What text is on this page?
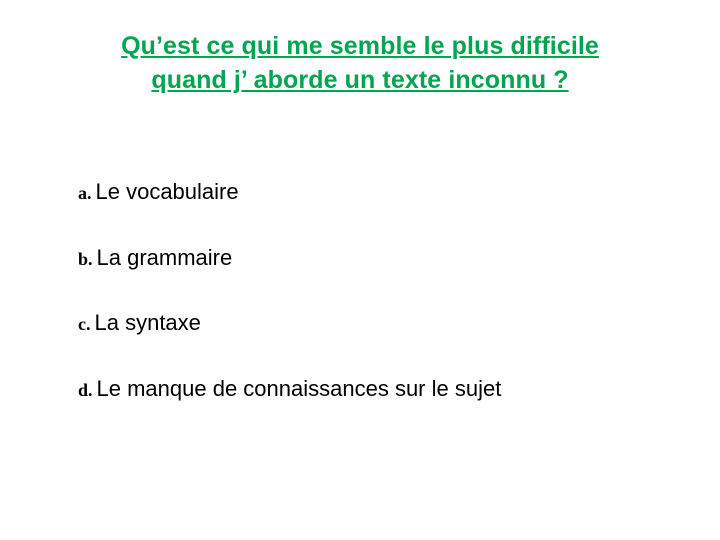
Qu’est ce qui me semble le plus difficile
quand j’ aborde un texte inconnu ?
a. Le vocabulaire
b. La grammaire
c. La syntaxe
d. Le manque de connaissances sur le sujet
